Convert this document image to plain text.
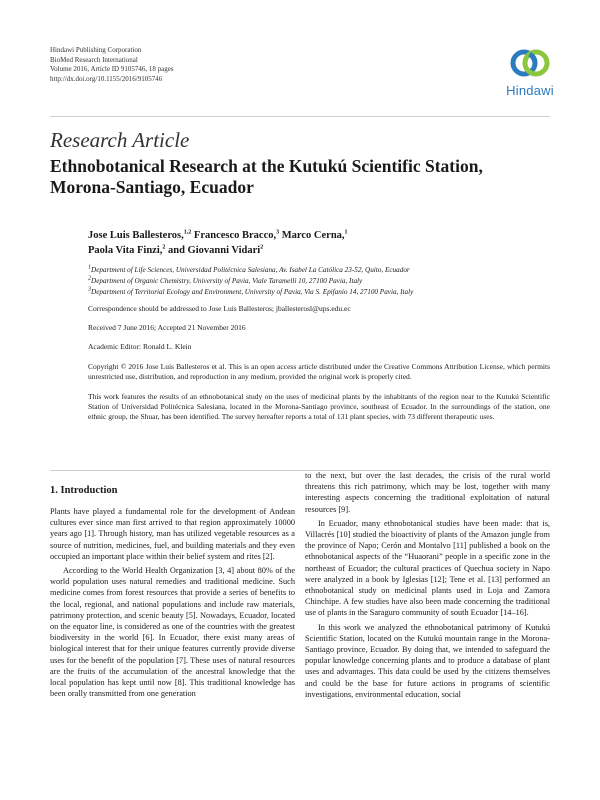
Hindawi Publishing Corporation
BioMed Research International
Volume 2016, Article ID 9105746, 18 pages
http://dx.doi.org/10.1155/2016/9105746
Hindawi
Research Article
Ethnobotanical Research at the Kutukú Scientific Station, Morona-Santiago, Ecuador
Jose Luis Ballesteros,$^{1,2}$ Francesco Bracco,$^3$ Marco Cerna,$^1$
Paola Vita Finzi,$^2$ and Giovanni Vidari$^2$
$^1$Department of Life Sciences, Universidad Politécnica Salesiana, Av. Isabel La Católica 23-52, Quito, Ecuador
$^2$Department of Organic Chemistry, University of Pavia, Viale Taramelli 10, 27100 Pavia, Italy
$^3$Department of Territorial Ecology and Environment, University of Pavia, Via S. Epifanio 14, 27100 Pavia, Italy

Correspondence should be addressed to Jose Luis Ballesteros; jballesterosl@ups.edu.ec

Received 7 June 2016; Accepted 21 November 2016

Academic Editor: Ronald L. Klein

Copyright © 2016 Jose Luis Ballesteros et al. This is an open access article distributed under the Creative Commons Attribution License, which permits unrestricted use, distribution, and reproduction in any medium, provided the original work is properly cited.

This work features the results of an ethnobotanical study on the uses of medicinal plants by the inhabitants of the region near to the Kutukú Scientific Station of Universidad Politécnica Salesiana, located in the Morona-Santiago province, southeast of Ecuador. In the surroundings of the station, one ethnic group, the Shuar, has been identified. The survey hereafter reports a total of 131 plant species, with 73 different therapeutic uses.

1. Introduction

Plants have played a fundamental role for the development of Andean cultures ever since man first arrived to that region approximately 10000 years ago [1]. Through history, man has utilized vegetable resources as a source of nutrition, medicines, fuel, and building materials and they even occupied an important place within their belief system and rites [2].

According to the World Health Organization [3, 4] about 80% of the world population uses natural remedies and traditional medicine. Such medicine comes from forest resources that provide a series of benefits to the local, regional, and national populations and include raw materials, patrimony protection, and scenic beauty [5]. Nowadays, Ecuador, located on the equator line, is considered as one of the countries with the greatest biodiversity in the world [6]. In Ecuador, there exist many areas of biological interest that for their unique features currently provide diverse uses for the benefit of the population [7]. These uses of natural resources are the fruits of the accumulation of the ancestral knowledge that the local population has kept until now [8]. This traditional knowledge has been orally transmitted from one generation

to the next, but over the last decades, the crisis of the rural world threatens this rich patrimony, which may be lost, together with many interesting aspects concerning the traditional exploitation of natural resources [9].

In Ecuador, many ethnobotanical studies have been made: that is, Villacrés [10] studied the bioactivity of plants of the Amazon jungle from the province of Napo; Cerón and Montalvo [11] published a book on the ethnobotanical aspects of the “Huaorani” people in a specific zone in the northeast of Ecuador; the cultural practices of Quechua society in Napo were analyzed in a book by Iglesias [12]; Tene et al. [13] performed an ethnobotanical study on medicinal plants used in Loja and Zamora Chinchipe. A few studies have also been made concerning the traditional use of plants in the Saraguro community of south Ecuador [14–16].

In this work we analyzed the ethnobotanical patrimony of Kutukú Scientific Station, located on the Kutukú mountain range in the Morona-Santiago province, Ecuador. By doing that, we intended to safeguard the popular knowledge concerning plants and to produce a database of plant uses and advantages. This data could be used by the citizens themselves and could be the base for future actions in programs of scientific investigations, environmental education, social
